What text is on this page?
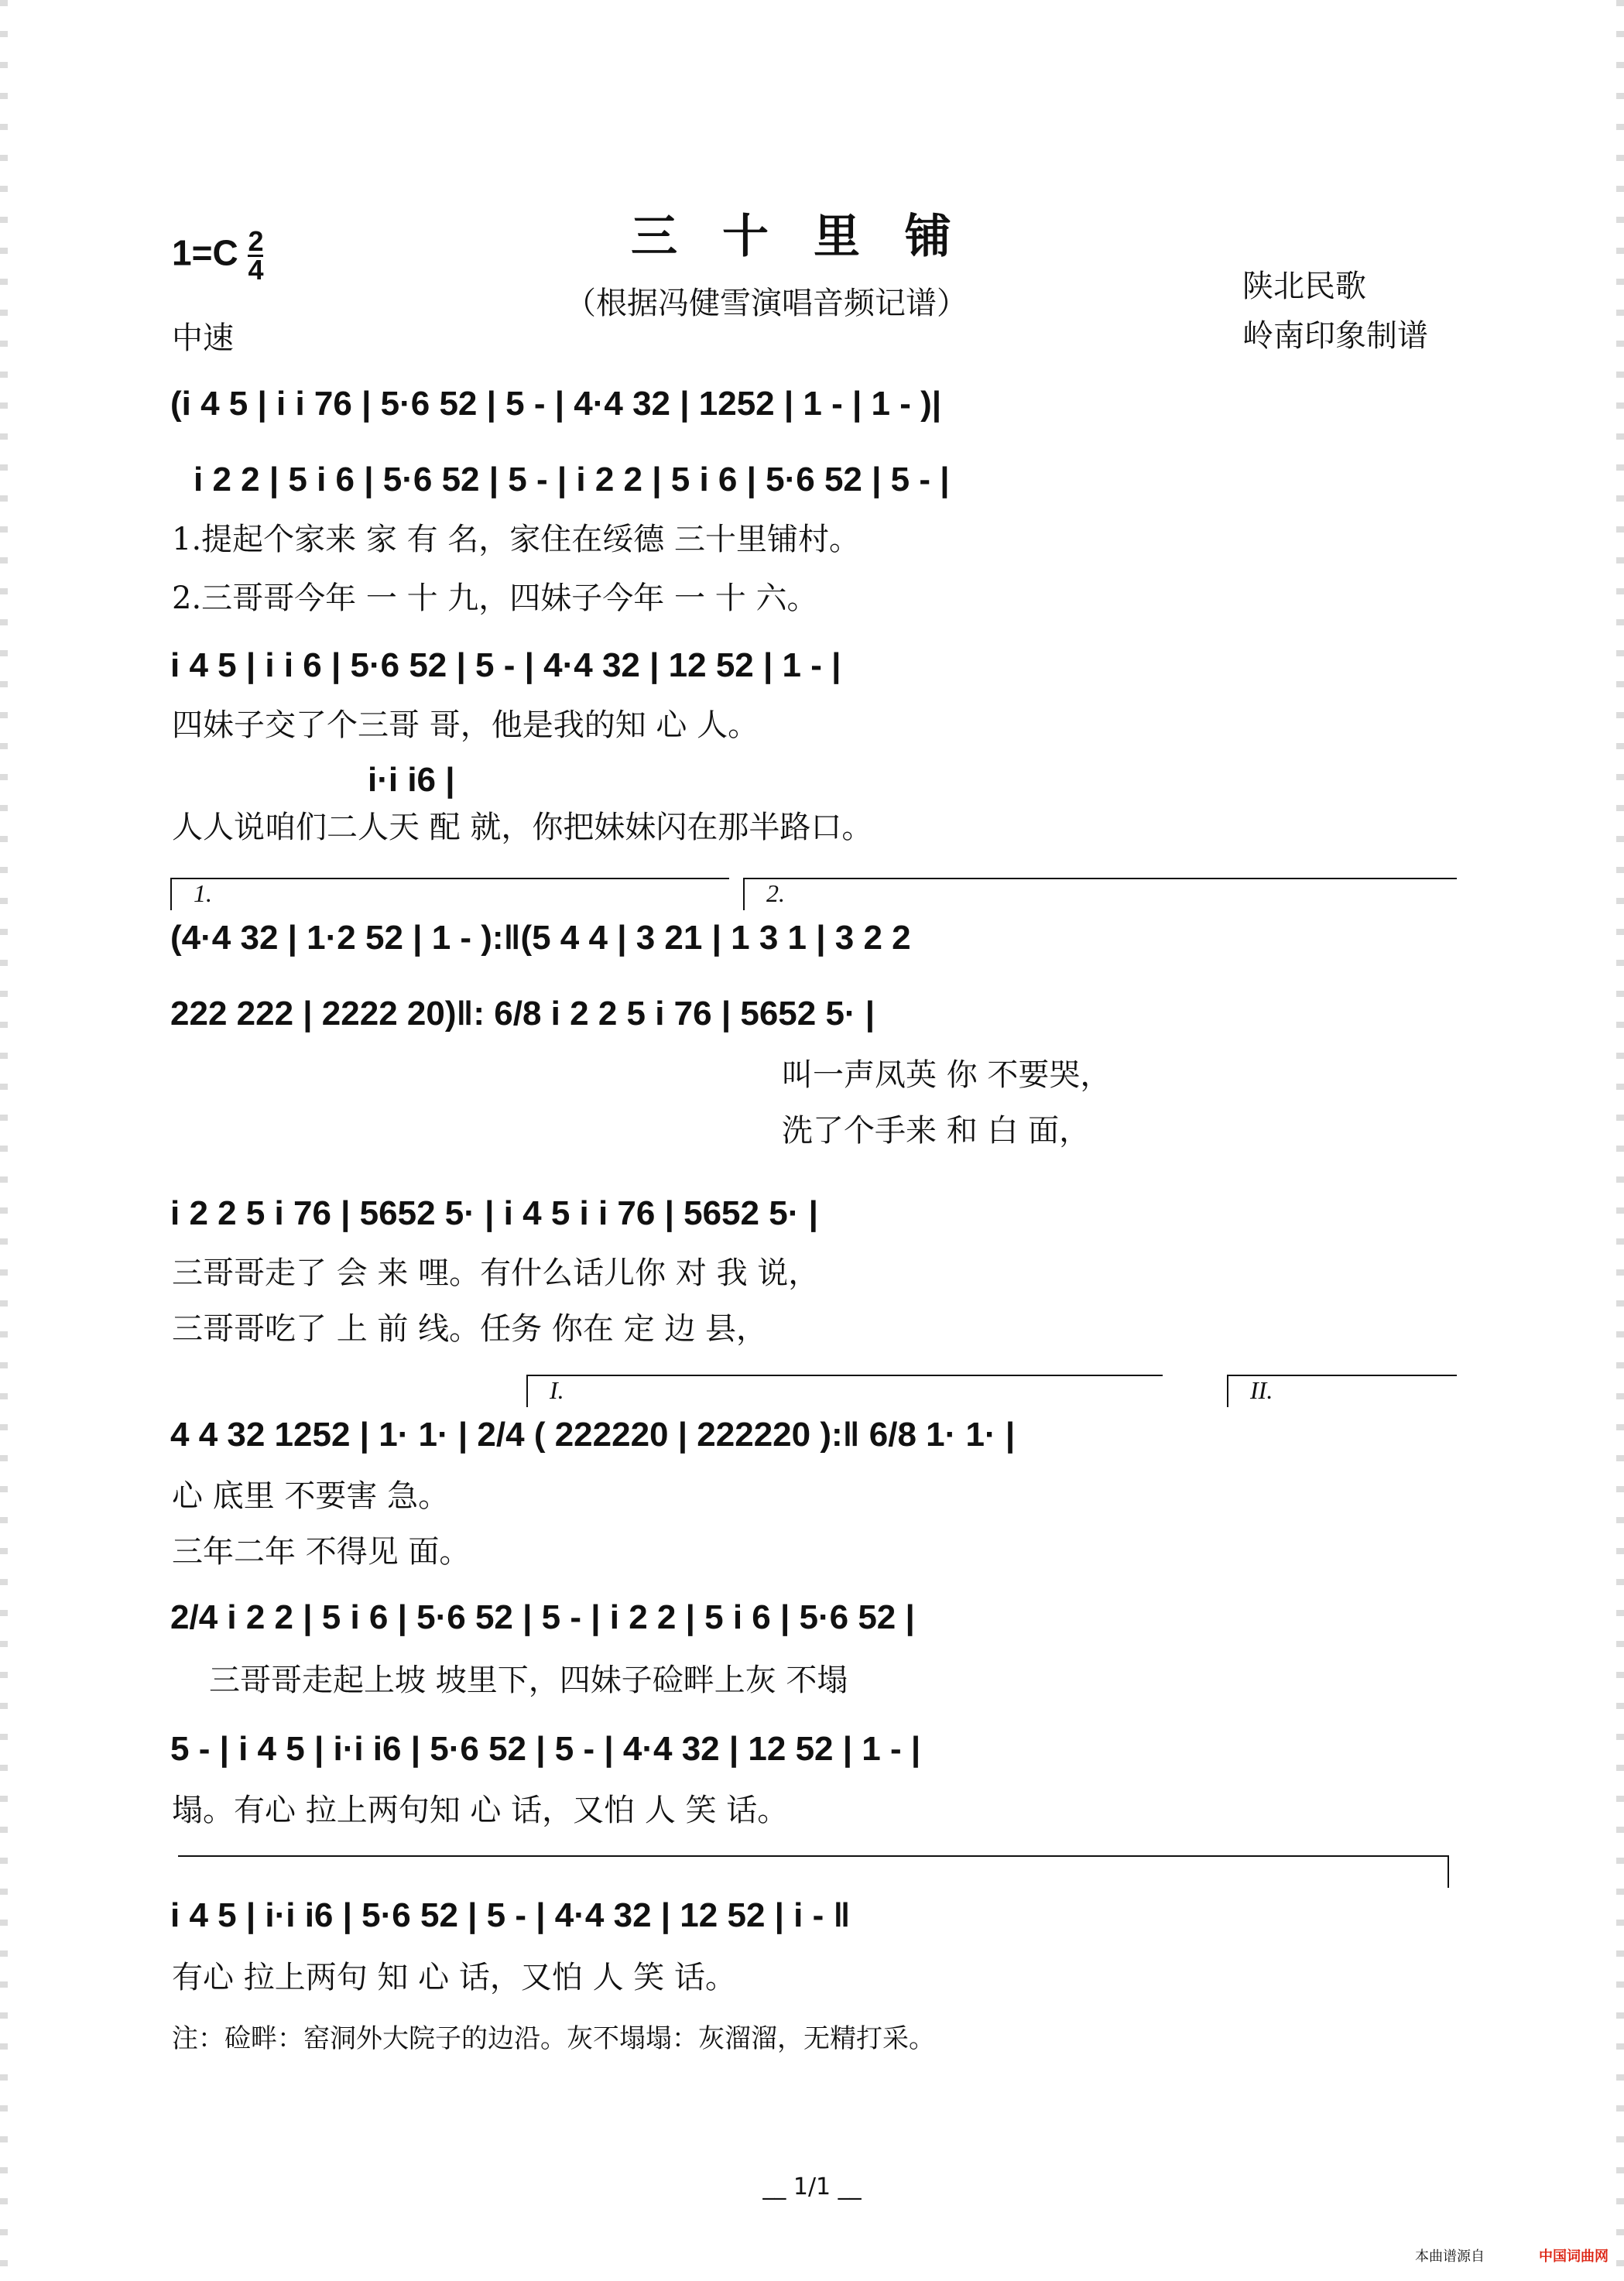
三十里铺
（根据冯健雪演唱音频记谱）
$1=C \frac{2}{4}$
中速
陕北民歌
岭南印象制谱
(i 4 5 | i i 76 | 5·6 52 | 5 - | 4·4 32 | 1252 | 1 - | 1 - )|
i 2 2 | 5 i 6 | 5·6 52 | 5 - | i 2 2 | 5 i 6 | 5·6 52 | 5 - |
1.提起个家来 家 有 名，家住在绥德 三十里铺村。
2.三哥哥今年 一 十 九，四妹子今年 一 十 六。
i 4 5 | i i 6 | 5·6 52 | 5 - | 4·4 32 | 12 52 | 1 - |
四妹子交了个三哥 哥，他是我的知 心 人。
i·i i6 |
人人说咱们二人天 配 就，你把妹妹闪在那半路口。
1.	2.
(4·4 32 | 1·2 52 | 1 - ):‖(5 4 4 | 3 21 | 1 3 1 | 3 2 2
222 222 | 2222 20)‖: 6/8 i 2 2 5 i 76 | 5652 5· |
叫一声凤英 你 不要哭，
洗了个手来 和 白 面，
i 2 2 5 i 76 | 5652 5· | i 4 5 i i 76 | 5652 5· |
三哥哥走了 会 来 哩。有什么话儿你 对 我 说，
三哥哥吃了 上 前 线。任务 你在 定 边 县，
I.	II.
4 4 32 1252 | 1· 1· | 2/4 ( 222220 | 222220 ):‖ 6/8 1· 1· |
心 底里 不要害 急。
三年二年 不得见 面。
2/4 i 2 2 | 5 i 6 | 5·6 52 | 5 - | i 2 2 | 5 i 6 | 5·6 52 |
三哥哥走起上坡 坡里下，四妹子硷畔上灰 不塌
5 - | i 4 5 | i·i i6 | 5·6 52 | 5 - | 4·4 32 | 12 52 | 1 - |
塌。有心 拉上两句知 心 话，又怕 人 笑 话。
i 4 5 | i·i i6 | 5·6 52 | 5 - | 4·4 32 | 12 52 | i - ‖
有心 拉上两句 知 心 话，又怕 人 笑 话。
注：硷畔：窑洞外大院子的边沿。灰不塌塌：灰溜溜，无精打采。
__ 1/1 __
本曲谱源自	中国词曲网
